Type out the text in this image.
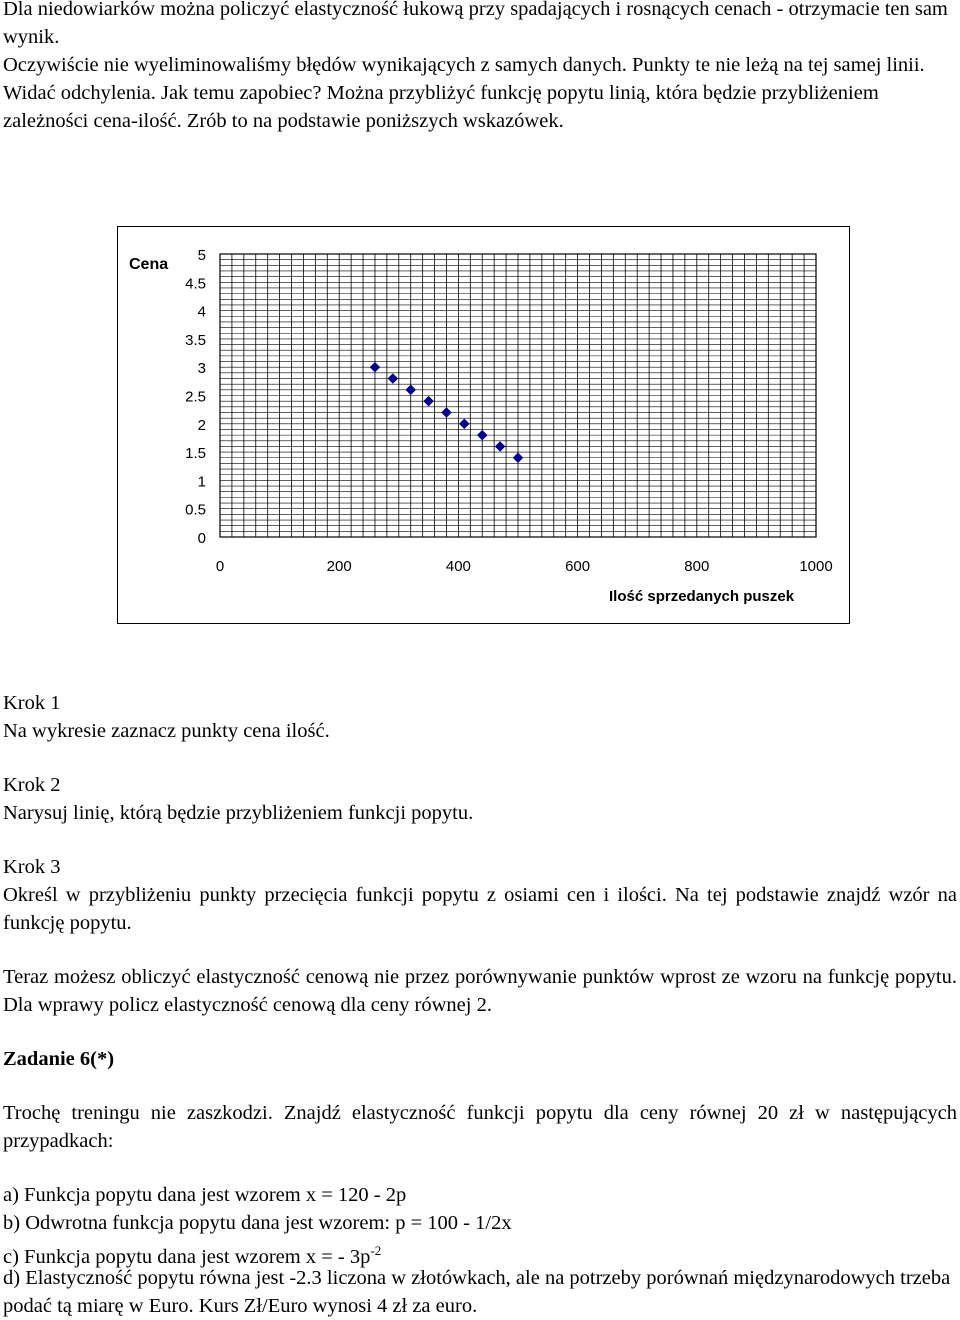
Dla niedowiarków można policzyć elastyczność łukową przy spadających i rosnących cenach - otrzymacie ten sam wynik.

Oczywiście nie wyeliminowaliśmy błędów wynikających z samych danych. Punkty te nie leżą na tej samej linii. Widać odchylenia. Jak temu zapobiec? Można przybliżyć funkcję popytu linią, która będzie przybliżeniem zależności cena-ilość. Zrób to na podstawie poniższych wskazówek.

0
0.5
1
1.5
2
2.5
3
3.5
4
4.5
5
0	200	400	600	800	1000
Cena
Ilość sprzedanych puszek

Krok 1

Na wykresie zaznacz punkty cena ilość.

Krok 2

Narysuj linię, którą będzie przybliżeniem funkcji popytu.

Krok 3

Określ w przybliżeniu punkty przecięcia funkcji popytu z osiami cen i ilości. Na tej podstawie znajdź wzór na funkcję popytu.

Teraz możesz obliczyć elastyczność cenową nie przez porównywanie punktów wprost ze wzoru na funkcję popytu. Dla wprawy policz elastyczność cenową dla ceny równej 2.

Zadanie 6(*)

Trochę treningu nie zaszkodzi. Znajdź elastyczność funkcji popytu dla ceny równej 20 zł w następujących przypadkach:

a) Funkcja popytu dana jest wzorem x = 120 - 2p

b) Odwrotna funkcja popytu dana jest wzorem: p = 100 - 1/2x

c) Funkcja popytu dana jest wzorem x = - $3p^{-2}$

d) Elastyczność popytu równa jest -2.3 liczona w złotówkach, ale na potrzeby porównań międzynarodowych trzeba podać tą miarę w Euro. Kurs Zł/Euro wynosi 4 zł za euro.
